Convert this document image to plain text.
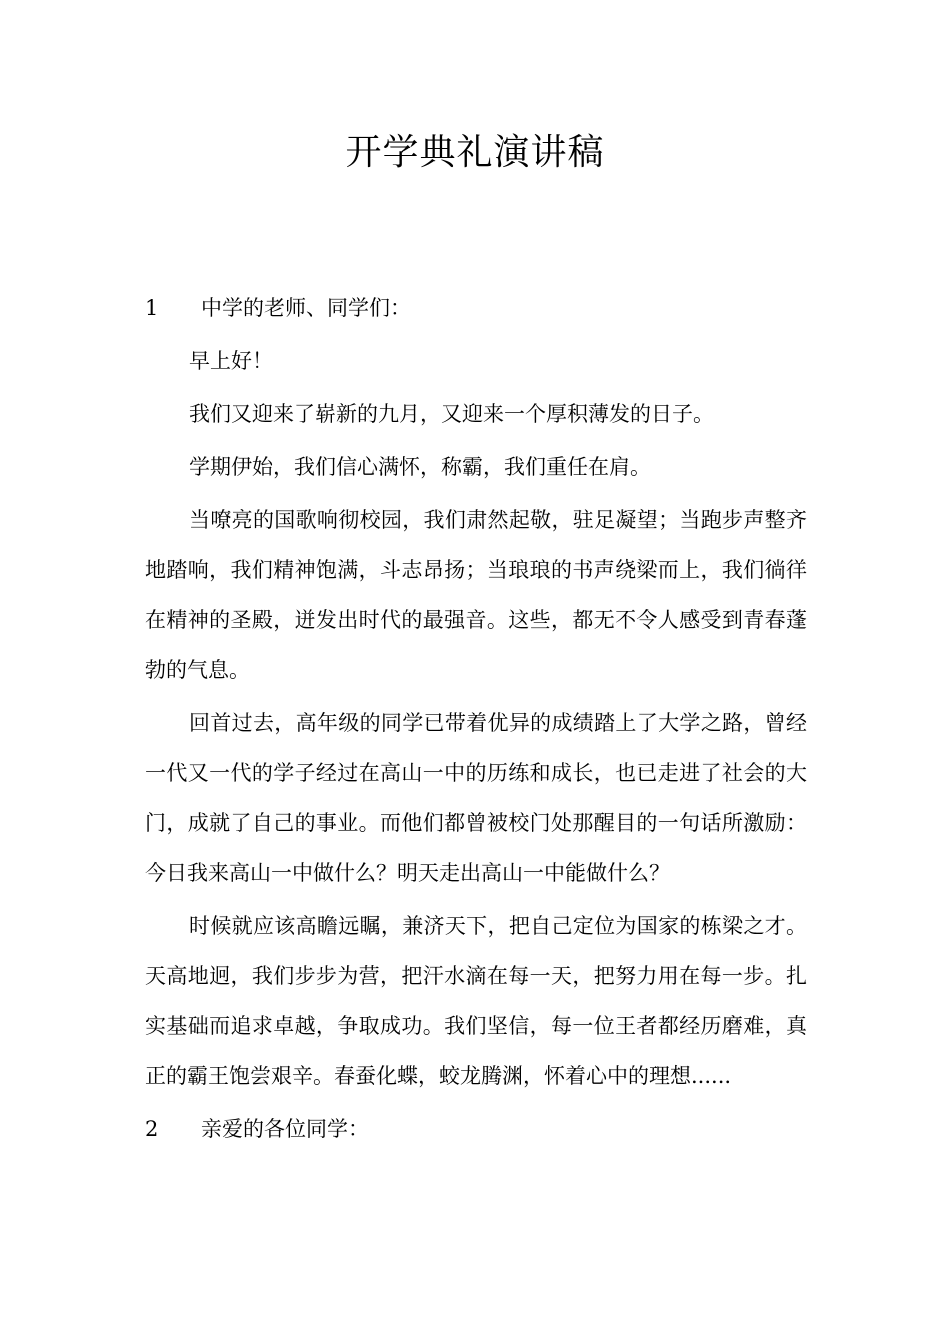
开学典礼演讲稿
1 中学的老师、同学们：
早上好！
我们又迎来了崭新的九月，又迎来一个厚积薄发的日子。
学期伊始，我们信心满怀，称霸，我们重任在肩。
当嘹亮的国歌响彻校园，我们肃然起敬，驻足凝望；当跑步声整齐地踏响，我们精神饱满，斗志昂扬；当琅琅的书声绕梁而上，我们徜徉在精神的圣殿，迸发出时代的最强音。这些，都无不令人感受到青春蓬勃的气息。
回首过去，高年级的同学已带着优异的成绩踏上了大学之路，曾经一代又一代的学子经过在高山一中的历练和成长，也已走进了社会的大门，成就了自己的事业。而他们都曾被校门处那醒目的一句话所激励：今日我来高山一中做什么？明天走出高山一中能做什么？
时候就应该高瞻远瞩，兼济天下，把自己定位为国家的栋梁之才。天高地迥，我们步步为营，把汗水滴在每一天，把努力用在每一步。扎实基础而追求卓越，争取成功。我们坚信，每一位王者都经历磨难，真正的霸王饱尝艰辛。春蚕化蝶，蛟龙腾渊，怀着心中的理想......
2 亲爱的各位同学：
